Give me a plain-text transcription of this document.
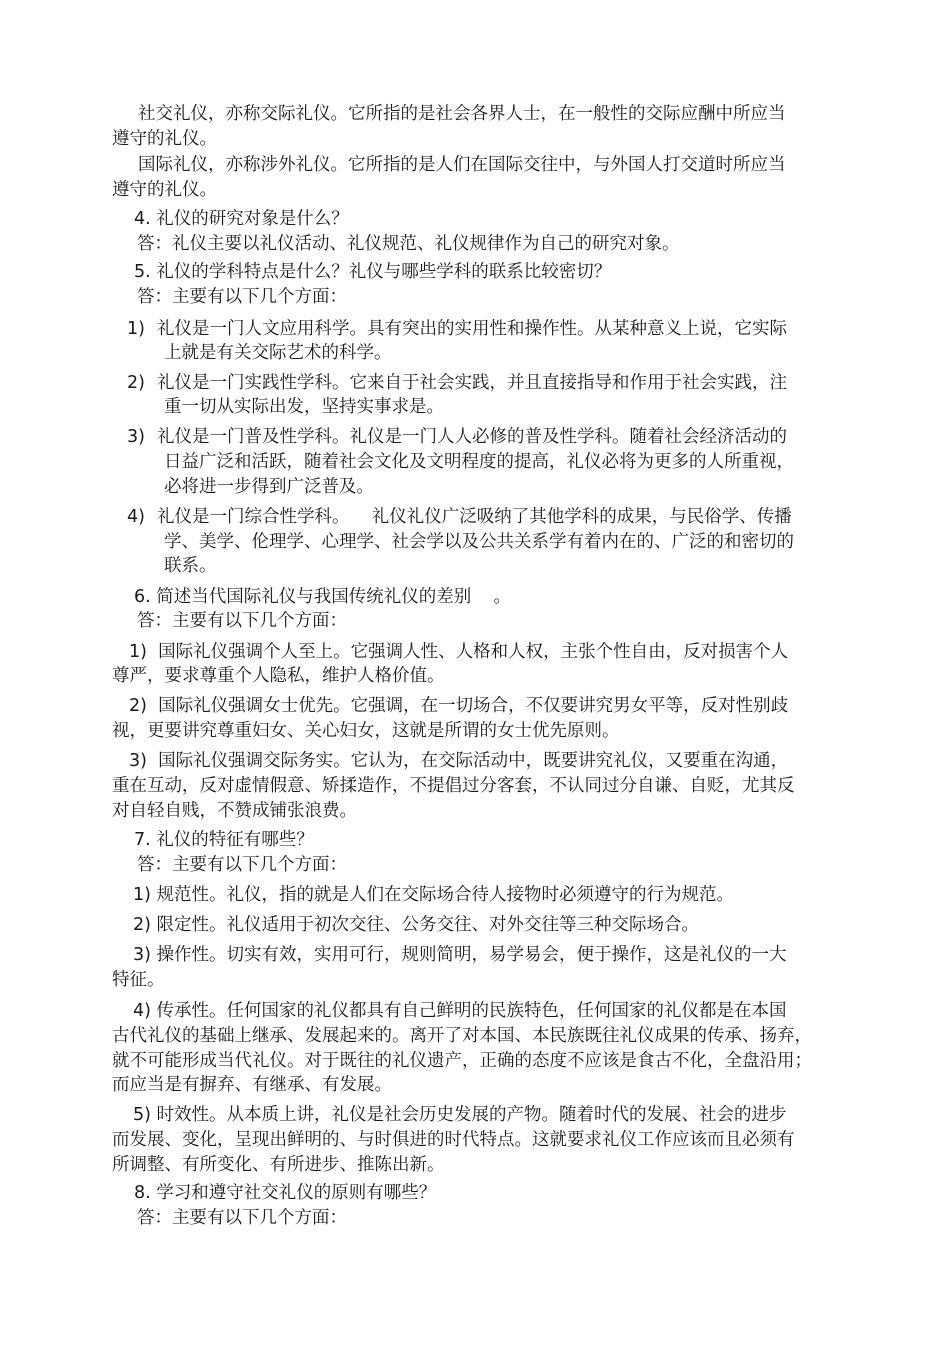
社交礼仪，亦称交际礼仪。它所指的是社会各界人士，在一般性的交际应酬中所应当
遵守的礼仪。
国际礼仪，亦称涉外礼仪。它所指的是人们在国际交往中，与外国人打交道时所应当
遵守的礼仪。
4. 礼仪的研究对象是什么？
答：礼仪主要以礼仪活动、礼仪规范、礼仪规律作为自己的研究对象。
5. 礼仪的学科特点是什么？礼仪与哪些学科的联系比较密切？
答：主要有以下几个方面：
1) 礼仪是一门人文应用科学。具有突出的实用性和操作性。从某种意义上说，它实际
上就是有关交际艺术的科学。
2) 礼仪是一门实践性学科。它来自于社会实践，并且直接指导和作用于社会实践，注
重一切从实际出发，坚持实事求是。
3) 礼仪是一门普及性学科。礼仪是一门人人必修的普及性学科。随着社会经济活动的
日益广泛和活跃，随着社会文化及文明程度的提高，礼仪必将为更多的人所重视，
必将进一步得到广泛普及。
4) 礼仪是一门综合性学科。    礼仪礼仪广泛吸纳了其他学科的成果，与民俗学、传播
学、美学、伦理学、心理学、社会学以及公共关系学有着内在的、广泛的和密切的
联系。
6. 简述当代国际礼仪与我国传统礼仪的差别    。
答：主要有以下几个方面：
1)  国际礼仪强调个人至上。它强调人性、人格和人权，主张个性自由，反对损害个人
尊严，要求尊重个人隐私，维护人格价值。
2)  国际礼仪强调女士优先。它强调，在一切场合，不仅要讲究男女平等，反对性别歧
视，更要讲究尊重妇女、关心妇女，这就是所谓的女士优先原则。
3)  国际礼仪强调交际务实。它认为，在交际活动中，既要讲究礼仪，又要重在沟通，
重在互动，反对虚情假意、矫揉造作，不提倡过分客套，不认同过分自谦、自贬，尤其反
对自轻自贱，不赞成铺张浪费。
7. 礼仪的特征有哪些？
答：主要有以下几个方面：
1) 规范性。礼仪，指的就是人们在交际场合待人接物时必须遵守的行为规范。
2) 限定性。礼仪适用于初次交往、公务交往、对外交往等三种交际场合。
3) 操作性。切实有效，实用可行，规则简明，易学易会，便于操作，这是礼仪的一大
特征。
4) 传承性。任何国家的礼仪都具有自己鲜明的民族特色，任何国家的礼仪都是在本国
古代礼仪的基础上继承、发展起来的。离开了对本国、本民族既往礼仪成果的传承、扬弃，
就不可能形成当代礼仪。对于既往的礼仪遗产，正确的态度不应该是食古不化，全盘沿用；
而应当是有摒弃、有继承、有发展。
5) 时效性。从本质上讲，礼仪是社会历史发展的产物。随着时代的发展、社会的进步
而发展、变化，呈现出鲜明的、与时俱进的时代特点。这就要求礼仪工作应该而且必须有
所调整、有所变化、有所进步、推陈出新。
8. 学习和遵守社交礼仪的原则有哪些？
答：主要有以下几个方面：
